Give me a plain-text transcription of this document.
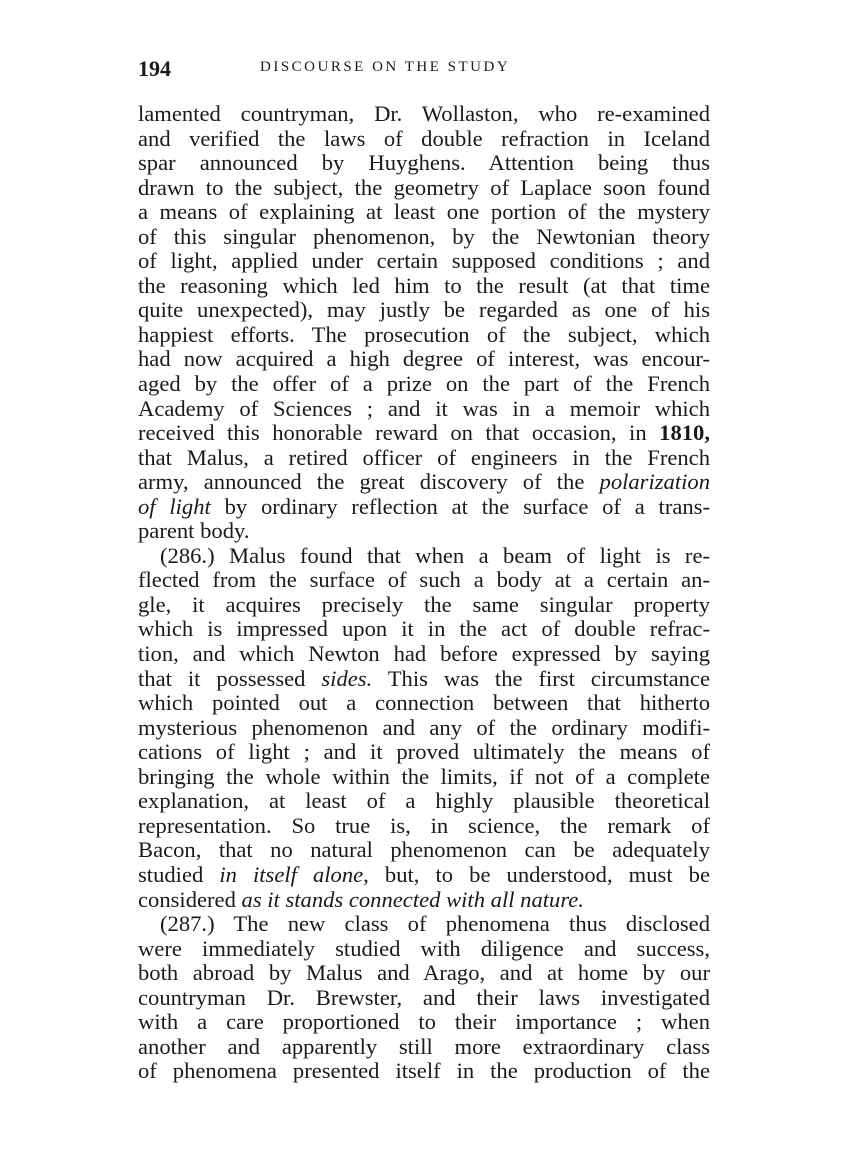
194	DISCOURSE ON THE STUDY
lamented countryman, Dr. Wollaston, who re-examined
and verified the laws of double refraction in Iceland
spar announced by Huyghens. Attention being thus
drawn to the subject, the geometry of Laplace soon found
a means of explaining at least one portion of the mystery
of this singular phenomenon, by the Newtonian theory
of light, applied under certain supposed conditions ; and
the reasoning which led him to the result (at that time
quite unexpected), may justly be regarded as one of his
happiest efforts. The prosecution of the subject, which
had now acquired a high degree of interest, was encour-
aged by the offer of a prize on the part of the French
Academy of Sciences ; and it was in a memoir which
received this honorable reward on that occasion, in 1810,
that Malus, a retired officer of engineers in the French
army, announced the great discovery of the polarization
of light by ordinary reflection at the surface of a trans-
parent body.
(286.) Malus found that when a beam of light is re-
flected from the surface of such a body at a certain an-
gle, it acquires precisely the same singular property
which is impressed upon it in the act of double refrac-
tion, and which Newton had before expressed by saying
that it possessed sides. This was the first circumstance
which pointed out a connection between that hitherto
mysterious phenomenon and any of the ordinary modifi-
cations of light ; and it proved ultimately the means of
bringing the whole within the limits, if not of a complete
explanation, at least of a highly plausible theoretical
representation. So true is, in science, the remark of
Bacon, that no natural phenomenon can be adequately
studied in itself alone, but, to be understood, must be
considered as it stands connected with all nature.
(287.) The new class of phenomena thus disclosed
were immediately studied with diligence and success,
both abroad by Malus and Arago, and at home by our
countryman Dr. Brewster, and their laws investigated
with a care proportioned to their importance ; when
another and apparently still more extraordinary class
of phenomena presented itself in the production of the
